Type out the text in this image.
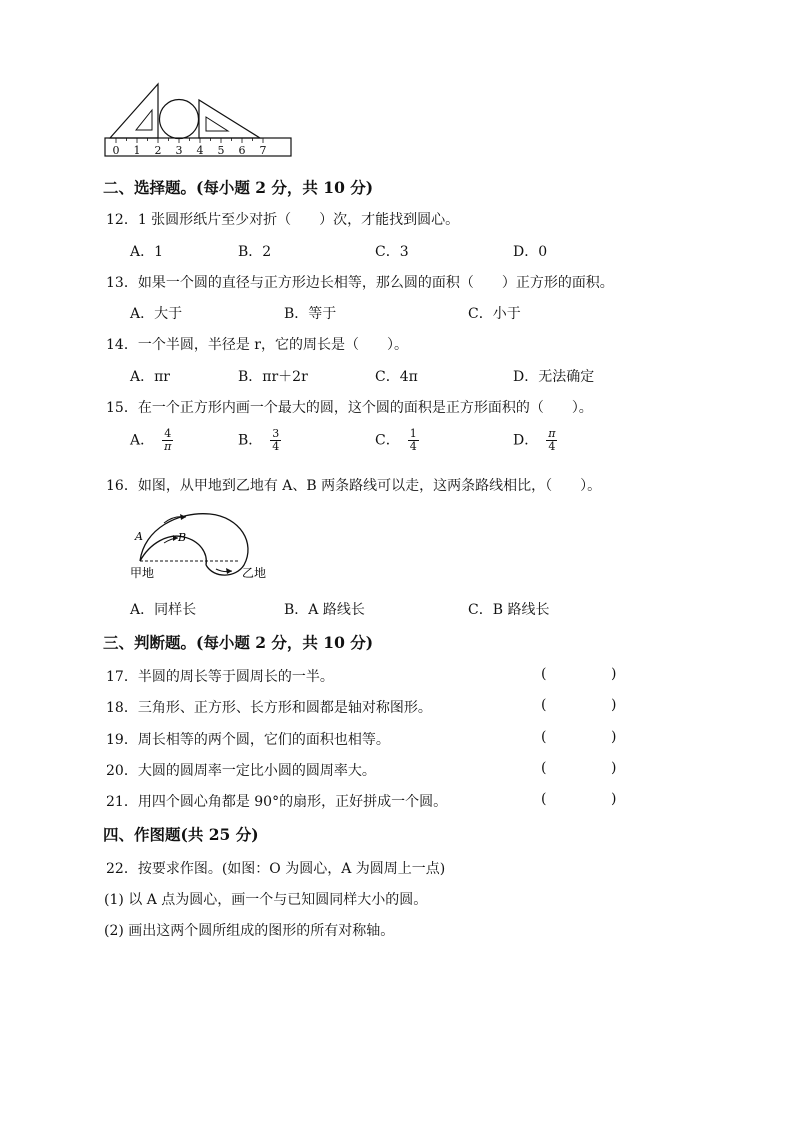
0 1 2 3 4 5 6 7
二、选择题。(每小题 2 分，共 10 分)
12．1 张圆形纸片至少对折（　　）次，才能找到圆心。
A．1	B．2	C．3	D．0
13．如果一个圆的直径与正方形边长相等，那么圆的面积（　　）正方形的面积。
A．大于	B．等于	C．小于
14．一个半圆，半径是 r，它的周长是（　　）。
A．πr	B．πr＋2r	C．4π	D．无法确定
15．在一个正方形内画一个最大的圆，这个圆的面积是正方形面积的（　　）。
A． $\frac{4}{\pi}$	B． $\frac{3}{4}$	C． $\frac{1}{4}$	D． $\frac{\pi}{4}$
16．如图，从甲地到乙地有 A、B 两条路线可以走，这两条路线相比，（　　）。
A	B
甲地	乙地
A．同样长	B．A 路线长	C．B 路线长
三、判断题。(每小题 2 分，共 10 分)
17．半圆的周长等于圆周长的一半。	(	)
18．三角形、正方形、长方形和圆都是轴对称图形。	(	)
19．周长相等的两个圆，它们的面积也相等。	(	)
20．大圆的圆周率一定比小圆的圆周率大。	(	)
21．用四个圆心角都是 90°的扇形，正好拼成一个圆。	(	)
四、作图题(共 25 分)
22．按要求作图。(如图：O 为圆心，A 为圆周上一点)
(1) 以 A 点为圆心，画一个与已知圆同样大小的圆。
(2) 画出这两个圆所组成的图形的所有对称轴。
